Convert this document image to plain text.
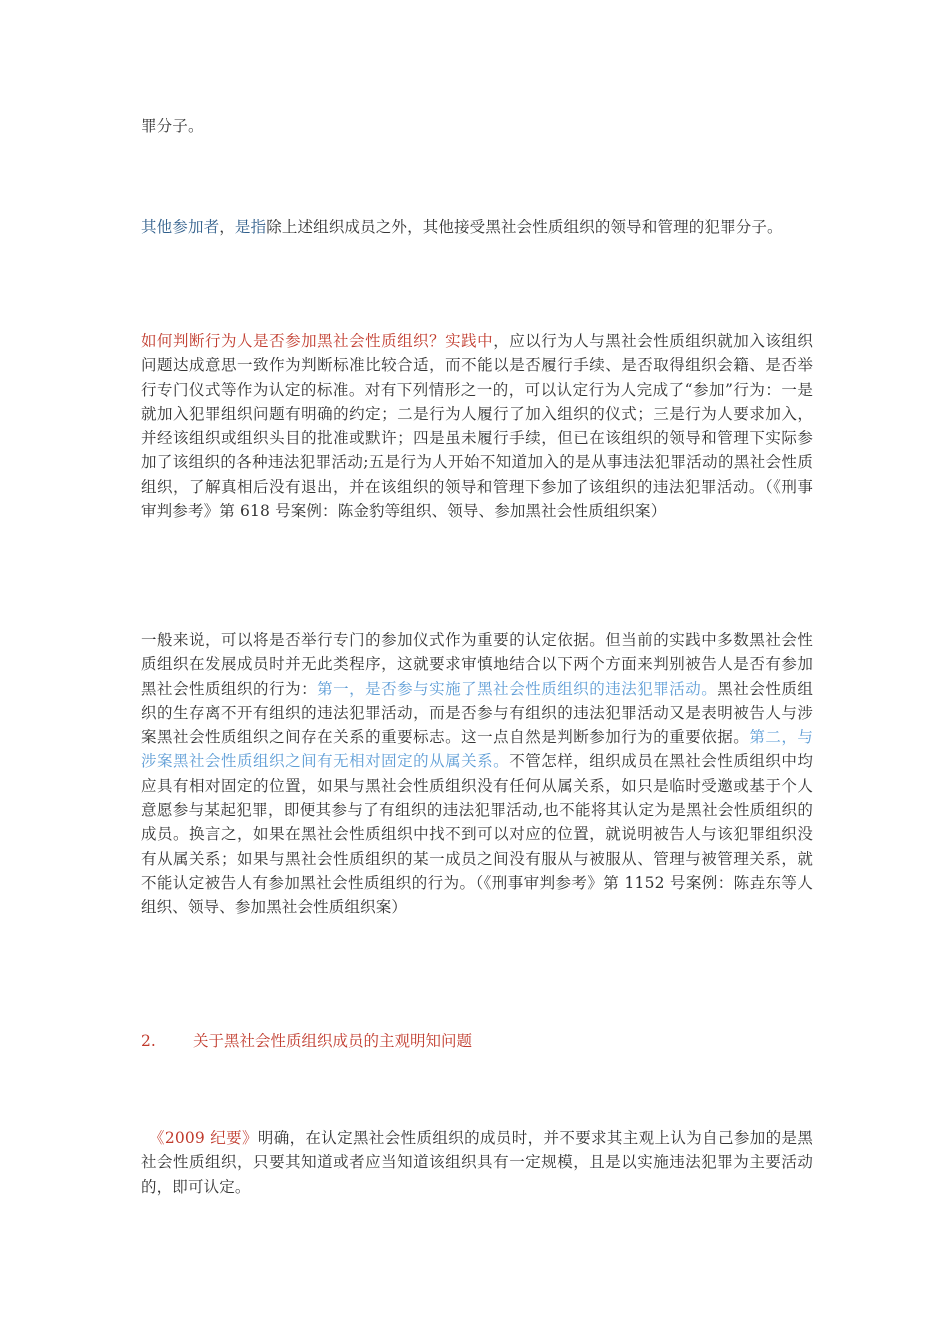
罪分子。

其他参加者，是指除上述组织成员之外，其他接受黑社会性质组织的领导和管理的犯罪分子。

如何判断行为人是否参加黑社会性质组织？实践中，应以行为人与黑社会性质组织就加入该组织问题达成意思一致作为判断标准比较合适，而不能以是否履行手续、是否取得组织会籍、是否举行专门仪式等作为认定的标准。对有下列情形之一的，可以认定行为人完成了“参加”行为：一是就加入犯罪组织问题有明确的约定；二是行为人履行了加入组织的仪式；三是行为人要求加入，并经该组织或组织头目的批准或默许；四是虽未履行手续，但已在该组织的领导和管理下实际参加了该组织的各种违法犯罪活动;五是行为人开始不知道加入的是从事违法犯罪活动的黑社会性质组织，了解真相后没有退出，并在该组织的领导和管理下参加了该组织的违法犯罪活动。（《刑事审判参考》第 618 号案例：陈金豹等组织、领导、参加黑社会性质组织案）

一般来说，可以将是否举行专门的参加仪式作为重要的认定依据。但当前的实践中多数黑社会性质组织在发展成员时并无此类程序，这就要求审慎地结合以下两个方面来判别被告人是否有参加黑社会性质组织的行为：第一，是否参与实施了黑社会性质组织的违法犯罪活动。黑社会性质组织的生存离不开有组织的违法犯罪活动，而是否参与有组织的违法犯罪活动又是表明被告人与涉案黑社会性质组织之间存在关系的重要标志。这一点自然是判断参加行为的重要依据。第二，与涉案黑社会性质组织之间有无相对固定的从属关系。不管怎样，组织成员在黑社会性质组织中均应具有相对固定的位置，如果与黑社会性质组织没有任何从属关系，如只是临时受邀或基于个人意愿参与某起犯罪，即便其参与了有组织的违法犯罪活动,也不能将其认定为是黑社会性质组织的成员。换言之，如果在黑社会性质组织中找不到可以对应的位置，就说明被告人与该犯罪组织没有从属关系；如果与黑社会性质组织的某一成员之间没有服从与被服从、管理与被管理关系，就不能认定被告人有参加黑社会性质组织的行为。（《刑事审判参考》第 1152 号案例：陈垚东等人组织、领导、参加黑社会性质组织案）

2. 关于黑社会性质组织成员的主观明知问题

《2009 纪要》明确，在认定黑社会性质组织的成员时，并不要求其主观上认为自己参加的是黑社会性质组织，只要其知道或者应当知道该组织具有一定规模，且是以实施违法犯罪为主要活动的，即可认定。
